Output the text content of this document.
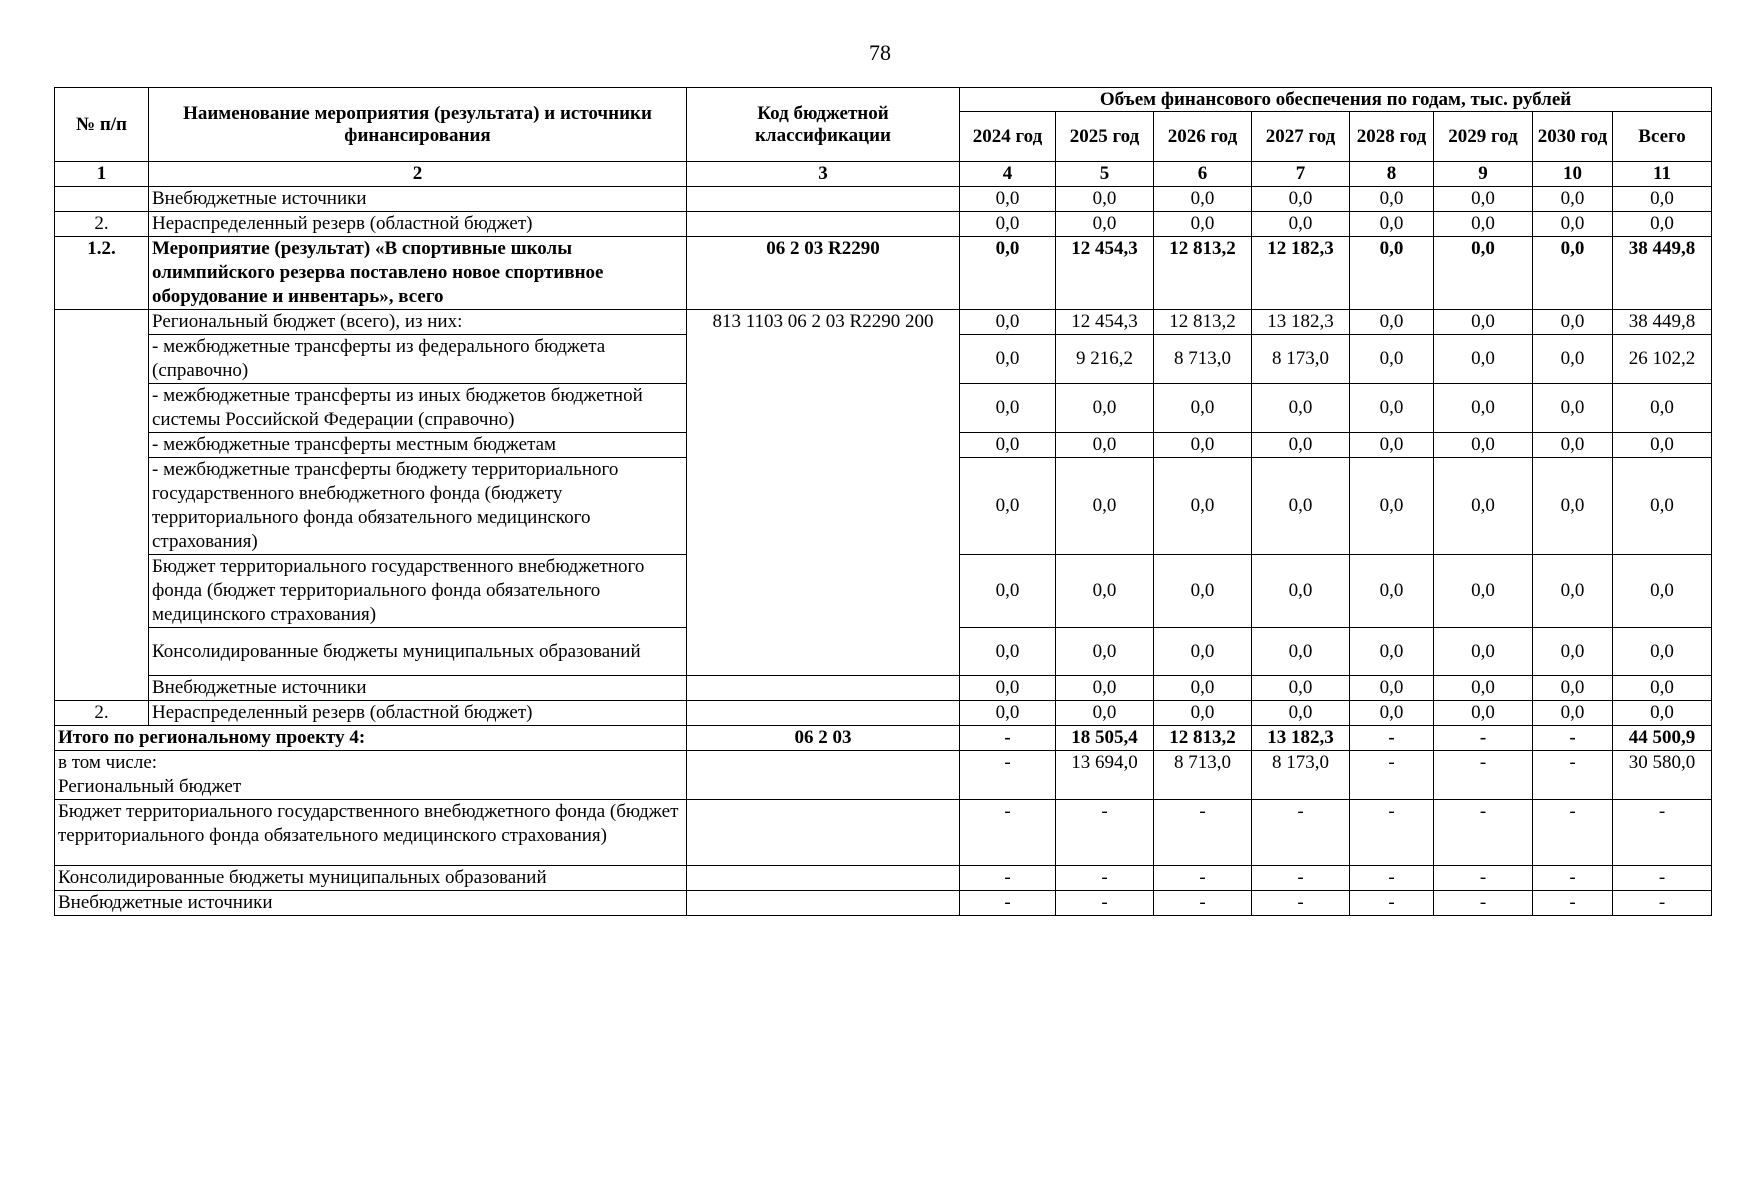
78
№ п/п	Наименование мероприятия (результата) и источники финансирования	Код бюджетной классификации	Объем финансового обеспечения по годам, тыс. рублей							
			2024 год	2025 год	2026 год	2027 год	2028 год	2029 год	2030 год	Всего
1	2	3	4	5	6	7	8	9	10	11
	Внебюджетные источники		0,0	0,0	0,0	0,0	0,0	0,0	0,0	0,0
2.	Нераспределенный резерв (областной бюджет)		0,0	0,0	0,0	0,0	0,0	0,0	0,0	0,0
1.2.	Мероприятие (результат) «В спортивные школы олимпийского резерва поставлено новое спортивное оборудование и инвентарь», всего	06 2 03 R2290	0,0	12 454,3	12 813,2	12 182,3	0,0	0,0	0,0	38 449,8
	Региональный бюджет (всего), из них:	813 1103 06 2 03 R2290 200	0,0	12 454,3	12 813,2	13 182,3	0,0	0,0	0,0	38 449,8
	- межбюджетные трансферты из федерального бюджета (справочно)		0,0	9 216,2	8 713,0	8 173,0	0,0	0,0	0,0	26 102,2
	- межбюджетные трансферты из иных бюджетов бюджетной системы Российской Федерации (справочно)		0,0	0,0	0,0	0,0	0,0	0,0	0,0	0,0
	- межбюджетные трансферты местным бюджетам		0,0	0,0	0,0	0,0	0,0	0,0	0,0	0,0
	- межбюджетные трансферты бюджету территориального государственного внебюджетного фонда (бюджету территориального фонда обязательного медицинского страхования)		0,0	0,0	0,0	0,0	0,0	0,0	0,0	0,0
	Бюджет территориального государственного внебюджетного фонда (бюджет территориального фонда обязательного медицинского страхования)		0,0	0,0	0,0	0,0	0,0	0,0	0,0	0,0
	Консолидированные бюджеты муниципальных образований		0,0	0,0	0,0	0,0	0,0	0,0	0,0	0,0
	Внебюджетные источники		0,0	0,0	0,0	0,0	0,0	0,0	0,0	0,0
2.	Нераспределенный резерв (областной бюджет)		0,0	0,0	0,0	0,0	0,0	0,0	0,0	0,0
Итого по региональному проекту 4:		06 2 03	-	18 505,4	12 813,2	13 182,3	-	-	-	44 500,9
в том числе:
Региональный бюджет			-	13 694,0	8 713,0	8 173,0	-	-	-	30 580,0
Бюджет территориального государственного внебюджетного фонда (бюджет территориального фонда обязательного медицинского страхования)			-	-	-	-	-	-	-	-
Консолидированные бюджеты муниципальных образований			-	-	-	-	-	-	-	-
Внебюджетные источники			-	-	-	-	-	-	-	-
